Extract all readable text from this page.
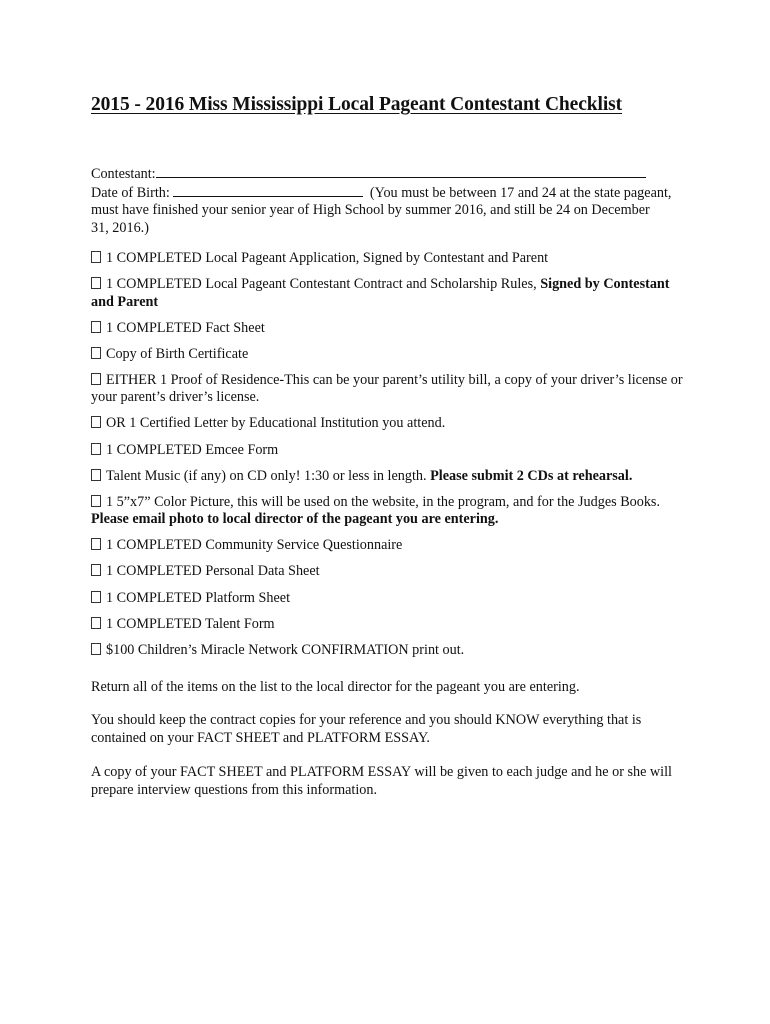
2015 - 2016 Miss Mississippi Local Pageant Contestant Checklist
Contestant:
Date of Birth:	(You must be between 17 and 24 at the state pageant,
must have finished your senior year of High School by summer 2016, and still be 24 on December
31, 2016.)

1 COMPLETED Local Pageant Application, Signed by Contestant and Parent

1 COMPLETED Local Pageant Contestant Contract and Scholarship Rules, Signed by Contestant and Parent

1 COMPLETED Fact Sheet

Copy of Birth Certificate

EITHER 1 Proof of Residence-This can be your parent’s utility bill, a copy of your driver’s license or your parent’s driver’s license.

OR 1 Certified Letter by Educational Institution you attend.

1 COMPLETED Emcee Form

Talent Music (if any) on CD only! 1:30 or less in length. Please submit 2 CDs at rehearsal.

1 5”x7” Color Picture, this will be used on the website, in the program, and for the Judges Books. Please email photo to local director of the pageant you are entering.

1 COMPLETED Community Service Questionnaire

1 COMPLETED Personal Data Sheet

1 COMPLETED Platform Sheet

1 COMPLETED Talent Form

$100 Children’s Miracle Network CONFIRMATION print out.

Return all of the items on the list to the local director for the pageant you are entering.

You should keep the contract copies for your reference and you should KNOW everything that is contained on your FACT SHEET and PLATFORM ESSAY.

A copy of your FACT SHEET and PLATFORM ESSAY will be given to each judge and he or she will prepare interview questions from this information.
